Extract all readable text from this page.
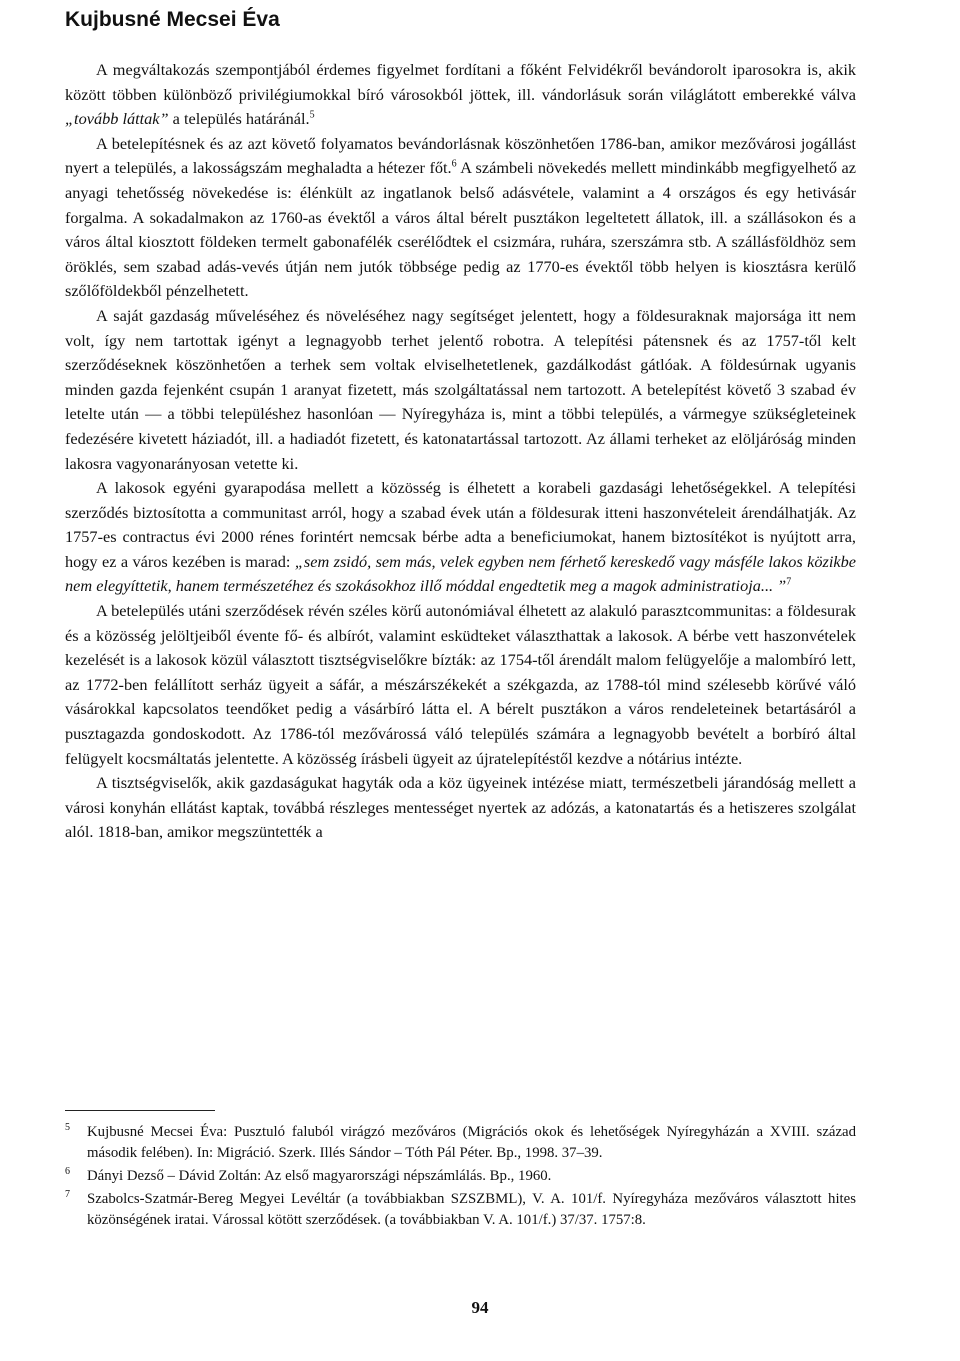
Kujbusné Mecsei Éva

A megváltakozás szempontjából érdemes figyelmet fordítani a főként Felvidékről bevándorolt iparosokra is, akik között többen különböző privilégiumokkal bíró városokból jöttek, ill. vándorlásuk során világlátott emberekké válva „tovább láttak” a település határánál.$^5$

A betelepítésnek és az azt követő folyamatos bevándorlásnak köszönhetően 1786-ban, amikor mezővárosi jogállást nyert a település, a lakosságszám meghaladta a hétezer főt.$^6$ A számbeli növekedés mellett mindinkább megfigyelhető az anyagi tehetősség növekedése is: élénkült az ingatlanok belső adásvétele, valamint a 4 országos és egy hetivásár forgalma. A sokadalmakon az 1760-as évektől a város által bérelt pusztákon legeltetett állatok, ill. a szállásokon és a város által kiosztott földeken termelt gabonafélék cserélődtek el csizmára, ruhára, szerszámra stb. A szállásföldhöz sem öröklés, sem szabad adás-vevés útján nem jutók többsége pedig az 1770-es évektől több helyen is kiosztásra kerülő szőlőföldekből pénzelhetett.

A saját gazdaság műveléséhez és növeléséhez nagy segítséget jelentett, hogy a földesuraknak majorsága itt nem volt, így nem tartottak igényt a legnagyobb terhet jelentő robotra. A telepítési pátensnek és az 1757-től kelt szerződéseknek köszönhetően a terhek sem voltak elviselhetetlenek, gazdálkodást gátlóak. A földesúrnak ugyanis minden gazda fejenként csupán 1 aranyat fizetett, más szolgáltatással nem tartozott. A betelepítést követő 3 szabad év letelte után — a többi településhez hasonlóan — Nyíregyháza is, mint a többi település, a vármegye szükségleteinek fedezésére kivetett háziadót, ill. a hadiadót fizetett, és katonatartással tartozott. Az állami terheket az elöljáróság minden lakosra vagyonarányosan vetette ki.

A lakosok egyéni gyarapodása mellett a közösség is élhetett a korabeli gazdasági lehetőségekkel. A telepítési szerződés biztosította a communitast arról, hogy a szabad évek után a földesurak itteni haszonvételeit árendálhatják. Az 1757-es contractus évi 2000 rénes forintért nemcsak bérbe adta a beneficiumokat, hanem biztosítékot is nyújtott arra, hogy ez a város kezében is marad: „sem zsidó, sem más, velek egyben nem férhető kereskedő vagy másféle lakos közikbe nem elegyíttetik, hanem természetéhez és szokásokhoz illő móddal engedtetik meg a magok administratioja... ”$^7$

A betelepülés utáni szerződések révén széles körű autonómiával élhetett az alakuló parasztcommunitas: a földesurak és a közösség jelöltjeiből évente fő- és albírót, valamint esküdteket választhattak a lakosok. A bérbe vett haszonvételek kezelését is a lakosok közül választott tisztségviselőkre bízták: az 1754-től árendált malom felügyelője a malombíró lett, az 1772-ben felállított serház ügyeit a sáfár, a mészárszékekét a székgazda, az 1788-tól mind szélesebb körűvé váló vásárokkal kapcsolatos teendőket pedig a vásárbíró látta el. A bérelt pusztákon a város rendeleteinek betartásáról a pusztagazda gondoskodott. Az 1786-tól mezővárossá váló település számára a legnagyobb bevételt a borbíró által felügyelt kocsmáltatás jelentette. A közösség írásbeli ügyeit az újratelepítéstől kezdve a nótárius intézte.

A tisztségviselők, akik gazdaságukat hagyták oda a köz ügyeinek intézése miatt, természetbeli járandóság mellett a városi konyhán ellátást kaptak, továbbá részleges mentességet nyertek az adózás, a katonatartás és a hetiszeres szolgálat alól. 1818-ban, amikor megszüntették a

5 Kujbusné Mecsei Éva: Pusztuló faluból virágzó mezőváros (Migrációs okok és lehetőségek Nyíregyházán a XVIII. század második felében). In: Migráció. Szerk. Illés Sándor – Tóth Pál Péter. Bp., 1998. 37–39.
6 Dányi Dezső – Dávid Zoltán: Az első magyarországi népszámlálás. Bp., 1960.
7 Szabolcs-Szatmár-Bereg Megyei Levéltár (a továbbiakban SZSZBML), V. A. 101/f. Nyíregyháza mezőváros választott hites közönségének iratai. Várossal kötött szerződések. (a továbbiakban V. A. 101/f.) 37/37. 1757:8.
94
